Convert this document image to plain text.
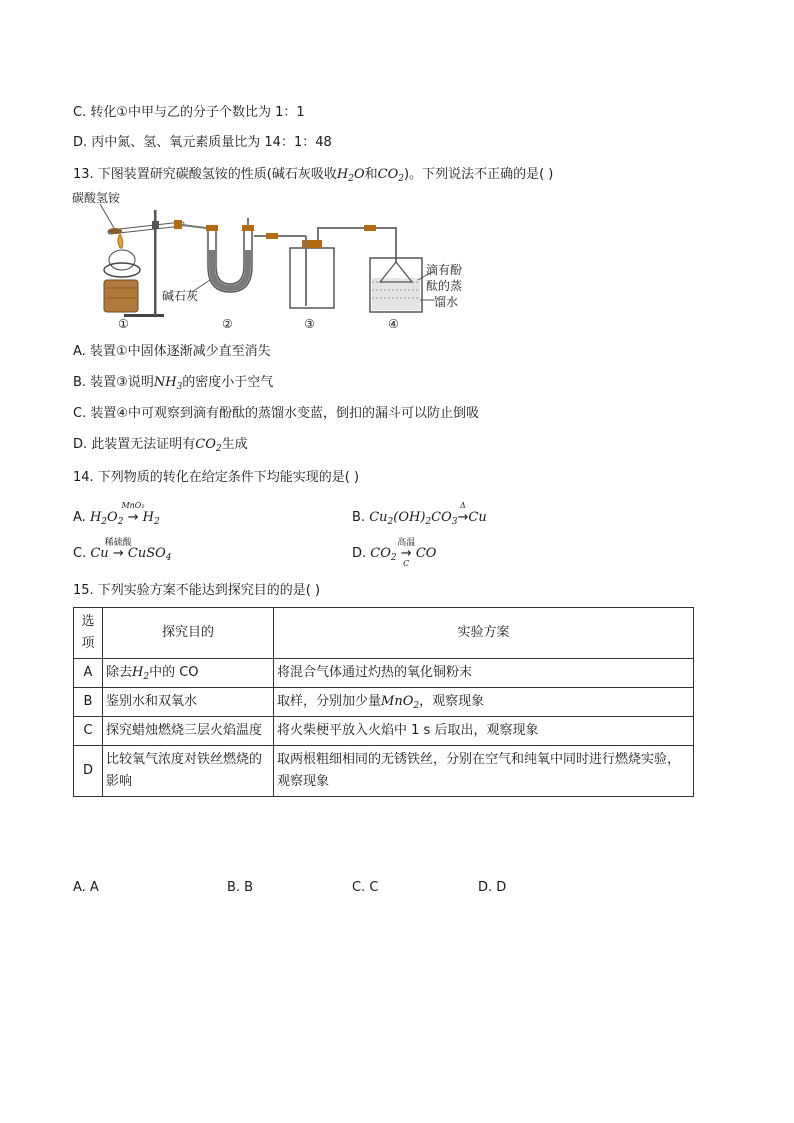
C. 转化①中甲与乙的分子个数比为 1：1
D. 丙中氮、氢、氧元素质量比为 14：1：48
13. 下图装置研究碳酸氢铵的性质(碱石灰吸收$H_2O$和$CO_2$)。下列说法不正确的是( )
碳酸氢铵
碱石灰
滴有酚
酞的蒸
馏水
①	②	③	④
A. 装置①中固体逐渐减少直至消失
B. 装置③说明$NH_3$的密度小于空气
C. 装置④中可观察到滴有酚酞的蒸馏水变蓝，倒扣的漏斗可以防止倒吸
D. 此装置无法证明有$CO_2$生成
14. 下列物质的转化在给定条件下均能实现的是( )
A. $H_2O_2$
MnO₂
→ $H_2$	B. $Cu_2(OH)_2CO_3$
Δ
→Cu
C. Cu
稀硫酸
→ CuSO$_4$	D. $CO_2$
高温
→
C
CO
15. 下列实验方案不能达到探究目的的是( )
选项	探究目的	实验方案
A	除去$H_2$中的 CO	将混合气体通过灼热的氧化铜粉末
B	鉴别水和双氧水	取样，分别加少量MnO$_2$，观察现象
C	探究蜡烛燃烧三层火焰温度	将火柴梗平放入火焰中 1 s 后取出，观察现象
D	比较氧气浓度对铁丝燃烧的影响	取两根粗细相同的无锈铁丝，分别在空气和纯氧中同时进行燃烧实验，观察现象
A. A	B. B	C. C	D. D
